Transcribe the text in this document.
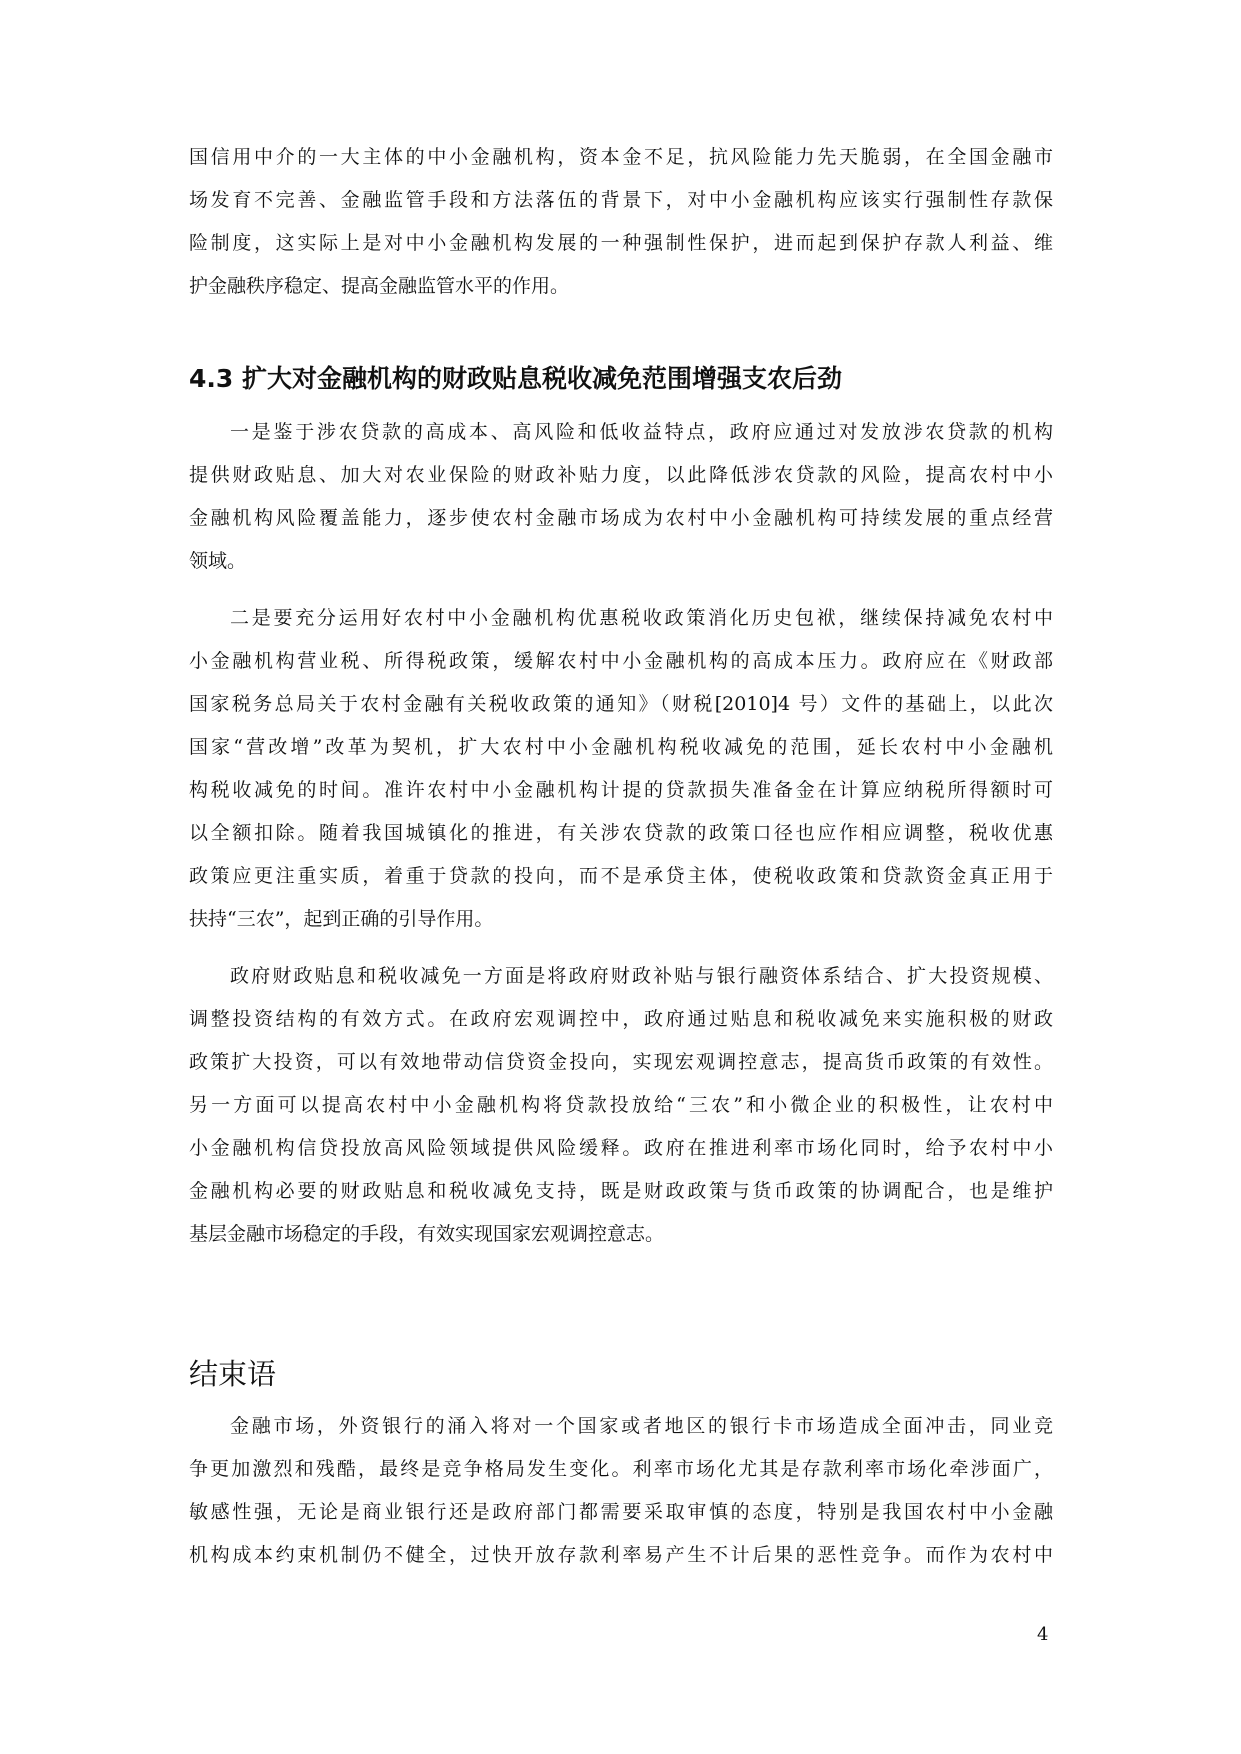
国信用中介的一大主体的中小金融机构，资本金不足，抗风险能力先天脆弱，在全国金融市
场发育不完善、金融监管手段和方法落伍的背景下，对中小金融机构应该实行强制性存款保
险制度，这实际上是对中小金融机构发展的一种强制性保护，进而起到保护存款人利益、维
护金融秩序稳定、提高金融监管水平的作用。
4.3 扩大对金融机构的财政贴息税收减免范围增强支农后劲
一是鉴于涉农贷款的高成本、高风险和低收益特点，政府应通过对发放涉农贷款的机构
提供财政贴息、加大对农业保险的财政补贴力度，以此降低涉农贷款的风险，提高农村中小
金融机构风险覆盖能力，逐步使农村金融市场成为农村中小金融机构可持续发展的重点经营
领域。
二是要充分运用好农村中小金融机构优惠税收政策消化历史包袱，继续保持减免农村中
小金融机构营业税、所得税政策，缓解农村中小金融机构的高成本压力。政府应在《财政部
国家税务总局关于农村金融有关税收政策的通知》（财税[2010]4 号）文件的基础上，以此次
国家“营改增”改革为契机，扩大农村中小金融机构税收减免的范围，延长农村中小金融机
构税收减免的时间。准许农村中小金融机构计提的贷款损失准备金在计算应纳税所得额时可
以全额扣除。随着我国城镇化的推进，有关涉农贷款的政策口径也应作相应调整，税收优惠
政策应更注重实质，着重于贷款的投向，而不是承贷主体，使税收政策和贷款资金真正用于
扶持“三农”，起到正确的引导作用。
政府财政贴息和税收减免一方面是将政府财政补贴与银行融资体系结合、扩大投资规模、
调整投资结构的有效方式。在政府宏观调控中，政府通过贴息和税收减免来实施积极的财政
政策扩大投资，可以有效地带动信贷资金投向，实现宏观调控意志，提高货币政策的有效性。
另一方面可以提高农村中小金融机构将贷款投放给“三农”和小微企业的积极性，让农村中
小金融机构信贷投放高风险领域提供风险缓释。政府在推进利率市场化同时，给予农村中小
金融机构必要的财政贴息和税收减免支持，既是财政政策与货币政策的协调配合，也是维护
基层金融市场稳定的手段，有效实现国家宏观调控意志。
结束语
金融市场，外资银行的涌入将对一个国家或者地区的银行卡市场造成全面冲击，同业竞
争更加激烈和残酷，最终是竞争格局发生变化。利率市场化尤其是存款利率市场化牵涉面广，
敏感性强，无论是商业银行还是政府部门都需要采取审慎的态度，特别是我国农村中小金融
机构成本约束机制仍不健全，过快开放存款利率易产生不计后果的恶性竞争。而作为农村中
4
